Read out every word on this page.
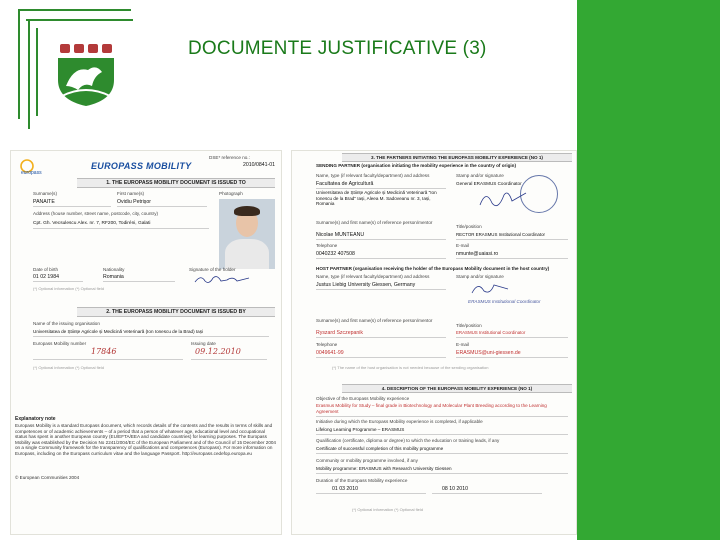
DOCUMENTE JUSTIFICATIVE (3)
europass
EUROPASS MOBILITY
DSE* reference no.:
2010/0841-01
1. THE EUROPASS MOBILITY DOCUMENT IS ISSUED TO
Surname(s)
PANAITE
First name(s)
Ovidiu Petrișor
Photograph
Address (house number, street name, postcode, city, country)
Cpt. Gh. Vecsulescu Alex. nr. 7, RF200, Todiréni, Galati
Date of birth
01 02 1984
Nationality
Romania
Signature of the holder
(*) Optional information (*) Optional field
2. THE EUROPASS MOBILITY DOCUMENT IS ISSUED BY
Name of the issuing organisation
Universitatea de Științe Agricole și Medicină Veterinară (Ion Ionescu de la Brad) Iași
Europass Mobility number
17846
Issuing date
09.12.2010
(*) Optional information (*) Optional field
Explanatory note
Europass Mobility is a standard Europass document, which records details of the contents and the results in terms of skills and competences or of academic achievements – of a period that a person of whatever age, educational level and occupational status has spent in another European country (EU/EFTA/EEA and candidate countries) for learning purposes. The Europass Mobility was established by the Decision No 2241/2004/EC of the European Parliament and of the Council of 15 December 2004 on a single Community framework for the transparency of qualifications and competences (Europass). For more information on Europass, including on the Europass curriculum vitae and the language Passport. http://europass.cedefop.europa.eu
© European Communities 2004
3. THE PARTNERS INITIATING THE EUROPASS MOBILITY EXPERIENCE (NO 1)
SENDING PARTNER (organisation initiating the mobility experience in the country of origin)
Name, type (if relevant faculty/department) and address
Facultatea de Agricultură
Universitatea de Științe Agricole și Medicină Veterinară "Ion Ionescu de la Brad" Iași, Aleea M. Sadoveanu nr. 3, Iași, Romania
Stamp and/or signature
General ERASMUS Coordinator
Surname(s) and first name(s) of reference person/mentor
Nicolae MUNTEANU
Title/position
RECTOR ERASMUS Institutional Coordinator
Telephone
0040232 407508
E-mail
nmunte@uaiasi.ro
HOST PARTNER (organisation receiving the holder of the Europass Mobility document in the host country)
Name, type (if relevant faculty/department) and address
Justus Liebig University Giessen, Germany
Stamp and/or signature
ERASMUS Institutional Coordinator
Surname(s) and first name(s) of reference person/mentor
Ryszard Szczepanik
Title/position
ERASMUS Institutional Coordinator
Telephone
0049641-99
E-mail
ERASMUS@uni-giessen.de
(*) The name of the host organisation is not needed because of the sending organisation
4. DESCRIPTION OF THE EUROPASS MOBILITY EXPERIENCE (NO 1)
Objective of the Europass Mobility experience
Erasmus Mobility for Study – final grade in Biotechnology and Molecular Plant Breeding according to the Learning Agreement
Initiative during which the Europass Mobility experience is completed, if applicable
Lifelong Learning Programme – ERASMUS
Qualification (certificate, diploma or degree) to which the education or training leads, if any
Certificate of successful completion of this mobility programme
Community or mobility programme involved, if any
Mobility programme: ERASMUS with Research University Giessen
Duration of the Europass Mobility experience
01 03 2010	08 10 2010
(*) Optional information (*) Optional field
